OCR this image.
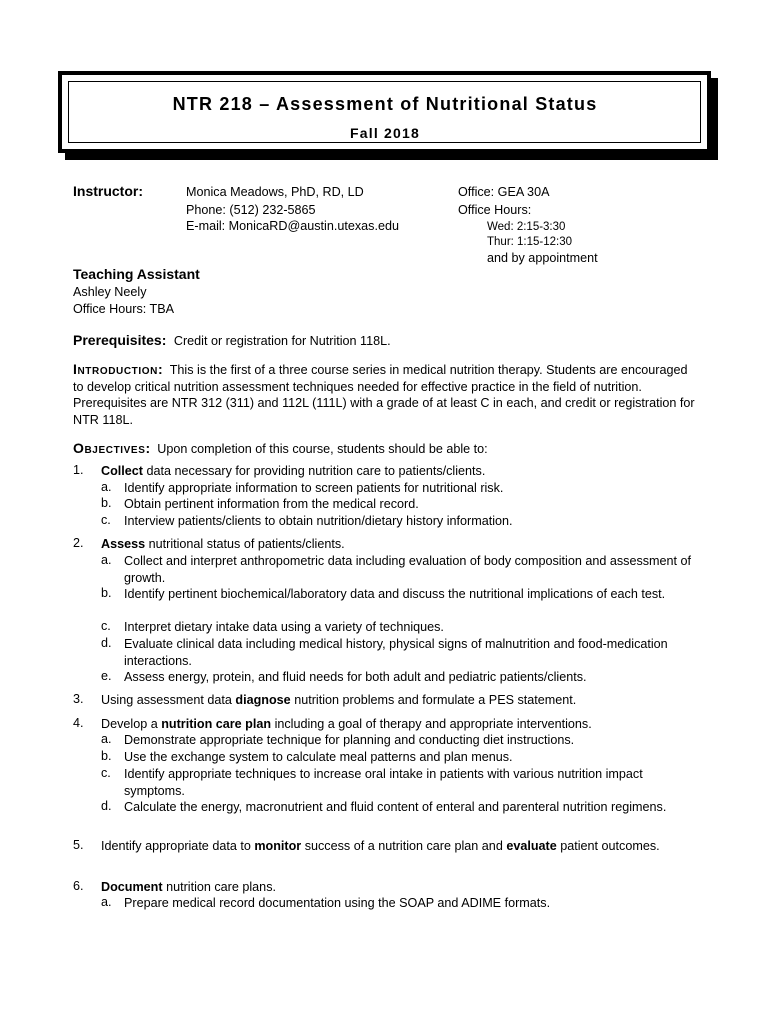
NTR 218 – Assessment of Nutritional Status
Fall 2018
Instructor:	Monica Meadows, PhD, RD, LD
Phone: (512) 232-5865
E-mail: MonicaRD@austin.utexas.edu
Office: GEA 30A
Office Hours:
Wed: 2:15-3:30
Thur: 1:15-12:30
and by appointment
Teaching Assistant
Ashley Neely
Office Hours: TBA
Prerequisites: Credit or registration for Nutrition 118L.
Introduction: This is the first of a three course series in medical nutrition therapy. Students are encouraged to develop critical nutrition assessment techniques needed for effective practice in the field of nutrition. Prerequisites are NTR 312 (311) and 112L (111L) with a grade of at least C in each, and credit or registration for NTR 118L.
Objectives: Upon completion of this course, students should be able to:
1. Collect data necessary for providing nutrition care to patients/clients.
a. Identify appropriate information to screen patients for nutritional risk.
b. Obtain pertinent information from the medical record.
c. Interview patients/clients to obtain nutrition/dietary history information.
2. Assess nutritional status of patients/clients.
a. Collect and interpret anthropometric data including evaluation of body composition and assessment of growth.
b. Identify pertinent biochemical/laboratory data and discuss the nutritional implications of each test.
c. Interpret dietary intake data using a variety of techniques.
d. Evaluate clinical data including medical history, physical signs of malnutrition and food-medication interactions.
e. Assess energy, protein, and fluid needs for both adult and pediatric patients/clients.
3. Using assessment data diagnose nutrition problems and formulate a PES statement.
4. Develop a nutrition care plan including a goal of therapy and appropriate interventions.
a. Demonstrate appropriate technique for planning and conducting diet instructions.
b. Use the exchange system to calculate meal patterns and plan menus.
c. Identify appropriate techniques to increase oral intake in patients with various nutrition impact symptoms.
d. Calculate the energy, macronutrient and fluid content of enteral and parenteral nutrition regimens.
5. Identify appropriate data to monitor success of a nutrition care plan and evaluate patient outcomes.
6. Document nutrition care plans.
a. Prepare medical record documentation using the SOAP and ADIME formats.
